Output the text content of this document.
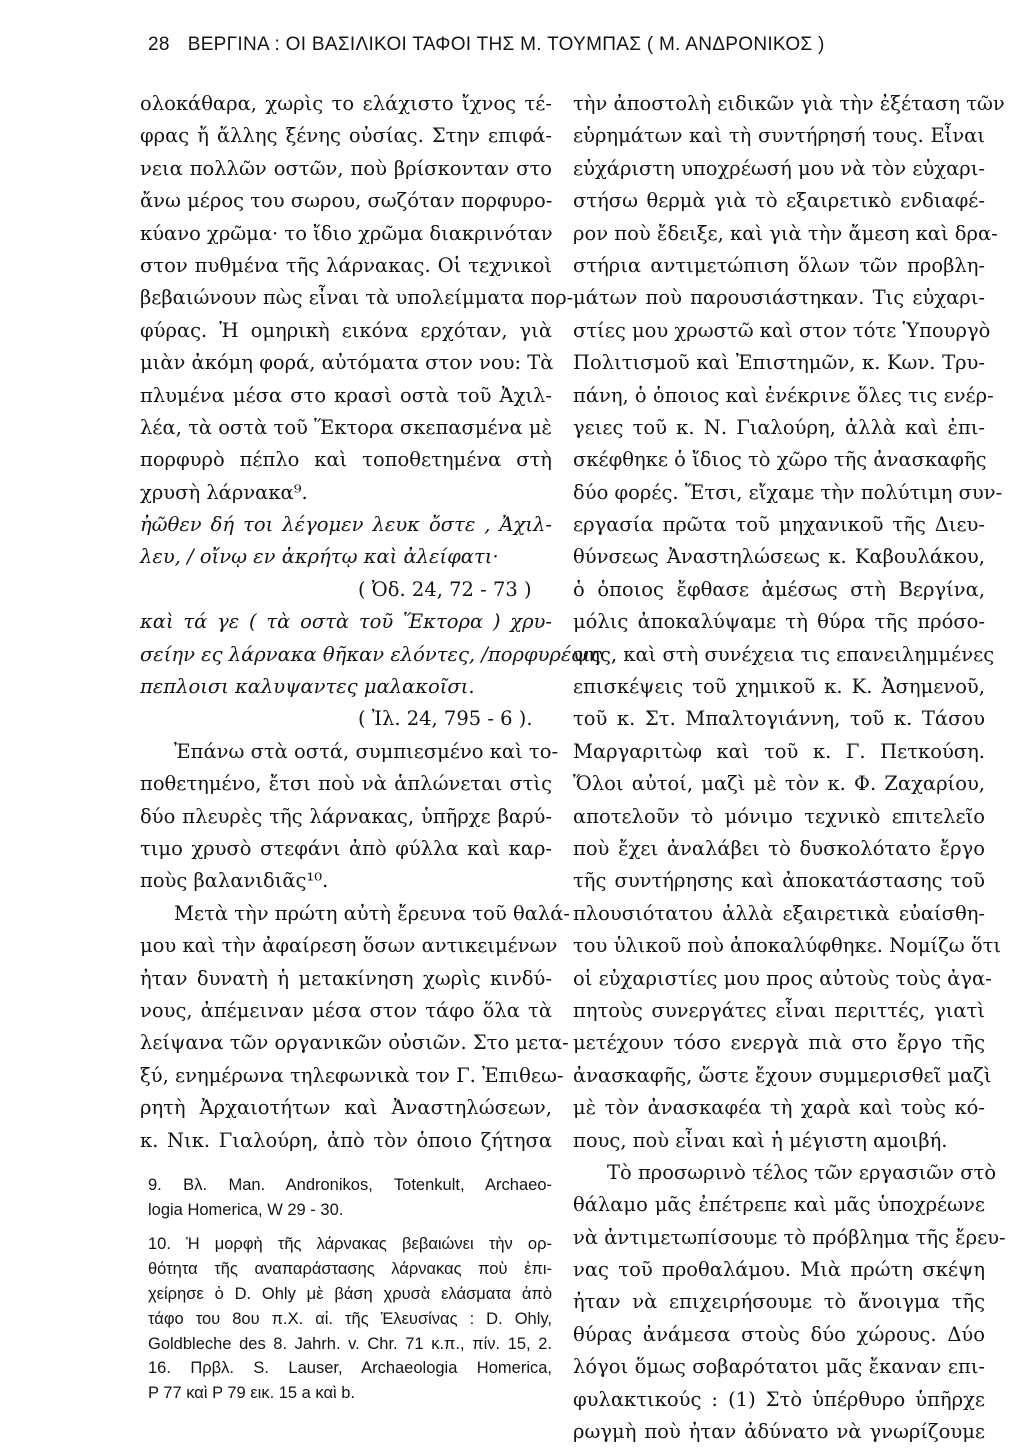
28 ΒΕΡΓΙΝΑ : ΟΙ ΒΑΣΙΛΙΚΟΙ ΤΑΦΟΙ ΤΗΣ Μ. ΤΟΥΜΠΑΣ ( Μ. ΑΝΔΡΟΝΙΚΟΣ )
ολοκάθαρα, χωρὶς το ελάχιστο ἴχνος τέ-
φρας ἤ ἄλλης ξένης οὐσίας. Στην επιφά-
νεια πολλῶν οστῶν, ποὺ βρίσκονταν στο
ἄνω μέρος του σωρου, σωζόταν πορφυρο-
κύανο χρῶμα· το ἴδιο χρῶμα διακρινόταν
στον πυθμένα τῆς λάρνακας. Οἱ τεχνικοὶ
βεβαιώνουν πὼς εἶναι τὰ υπολείμματα πορ-
φύρας. Ἡ ομηρικὴ εικόνα ερχόταν, γιὰ
μιὰν ἀκόμη φορά, αὐτόματα στον νου: Τὰ
πλυμένα μέσα στο κρασὶ οστὰ τοῦ Ἀχιλ-
λέα, τὰ οστὰ τοῦ Ἕκτορα σκεπασμένα μὲ
πορφυρὸ πέπλο καὶ τοποθετημένα στὴ
χρυσὴ λάρνακα⁹.
ἠῶθεν δή τοι λέγομεν λευκ ὄστε , Ἀχιλ-
λευ, / οἴνῳ εν ἀκρήτῳ καὶ ἀλείφατι·
( Ὀδ. 24, 72 - 73 )
καὶ τά γε ( τὰ οστὰ τοῦ Ἕκτορα ) χρυ-
σείην ες λάρνακα θῆκαν ελόντες, /πορφυρέοις
πεπλοισι καλυψαντες μαλακοῖσι.
( Ἰλ. 24, 795 - 6 ).
Ἐπάνω στὰ οστά, συμπιεσμένο καὶ το-
ποθετημένο, ἔτσι ποὺ νὰ ἁπλώνεται στὶς
δύο πλευρὲς τῆς λάρνακας, ὑπῆρχε βαρύ-
τιμο χρυσὸ στεφάνι ἀπὸ φύλλα καὶ καρ-
ποὺς βαλανιδιᾶς¹⁰.
Μετὰ τὴν πρώτη αὐτὴ ἔρευνα τοῦ θαλά-
μου καὶ τὴν ἀφαίρεση ὅσων αντικειμένων
ἠταν δυνατὴ ἡ μετακίνηση χωρὶς κινδύ-
νους, ἀπέμειναν μέσα στον τάφο ὅλα τὰ
λείψανα τῶν οργανικῶν οὐσιῶν. Στο μετα-
ξύ, ενημέρωνα τηλεφωνικὰ τον Γ. Ἐπιθεω-
ρητὴ Ἀρχαιοτήτων καὶ Ἀναστηλώσεων,
κ. Νικ. Γιαλούρη, ἀπὸ τὸν ὁποιο ζήτησα
9. Βλ. Man. Andronikos, Totenkult, Archaeo-
logia Homerica, W 29 - 30.
10. Ἡ μορφὴ τῆς λάρνακας βεβαιώνει τὴν ορ-
θότητα τῆς αναπαράστασης λάρνακας ποὺ ἐπι-
χείρησε ὁ D. Ohly μὲ βάση χρυσὰ ελάσματα ἀπὸ
τάφο του 8ου π.Χ. αἰ. τῆς Ἐλευσίνας : D. Ohly,
Goldbleche des 8. Jahrh. v. Chr. 71 κ.π., πίν. 15, 2.
16. Πρβλ. S. Lauser, Archaeologia Homerica,
P 77 καὶ P 79 εικ. 15 a καὶ b.
τὴν ἀποστολὴ ειδικῶν γιὰ τὴν ἐξέταση τῶν
εὑρημάτων καὶ τὴ συντήρησή τους. Εἶναι
εὐχάριστη υποχρέωσή μου νὰ τὸν εὐχαρι-
στήσω θερμὰ γιὰ τὸ εξαιρετικὸ ενδιαφέ-
ρον ποὺ ἔδειξε, καὶ γιὰ τὴν ἄμεση καὶ δρα-
στήρια αντιμετώπιση ὅλων τῶν προβλη-
μάτων ποὺ παρουσιάστηκαν. Τις εὐχαρι-
στίες μου χρωστῶ καὶ στον τότε Ὑπουργὸ
Πολιτισμοῦ καὶ Ἐπιστημῶν, κ. Κων. Τρυ-
πάνη, ὁ ὁποιος καὶ ἐνέκρινε ὅλες τις ενέρ-
γειες τοῦ κ. Ν. Γιαλούρη, ἀλλὰ καὶ ἐπι-
σκέφθηκε ὁ ἴδιος τὸ χῶρο τῆς ἀνασκαφῆς
δύο φορές. Ἔτσι, εἴχαμε τὴν πολύτιμη συν-
εργασία πρῶτα τοῦ μηχανικοῦ τῆς Διευ-
θύνσεως Ἀναστηλώσεως κ. Καβουλάκου,
ὁ ὁποιος ἔφθασε ἀμέσως στὴ Βεργίνα,
μόλις ἀποκαλύψαμε τὴ θύρα τῆς πρόσο-
ψης, καὶ στὴ συνέχεια τις επανειλημμένες
επισκέψεις τοῦ χημικοῦ κ. Κ. Ἀσημενοῦ,
τοῦ κ. Στ. Μπαλτογιάννη, τοῦ κ. Τάσου
Μαργαριτὼφ καὶ τοῦ κ. Γ. Πετκούση.
Ὅλοι αὐτοί, μαζὶ μὲ τὸν κ. Φ. Ζαχαρίου,
αποτελοῦν τὸ μόνιμο τεχνικὸ επιτελεῖο
ποὺ ἔχει ἀναλάβει τὸ δυσκολότατο ἔργο
τῆς συντήρησης καὶ ἀποκατάστασης τοῦ
πλουσιότατου ἀλλὰ εξαιρετικὰ εὐαίσθη-
του ὑλικοῦ ποὺ ἀποκαλύφθηκε. Νομίζω ὅτι
οἱ εὐχαριστίες μου προς αὐτοὺς τοὺς ἀγα-
πητοὺς συνεργάτες εἶναι περιττές, γιατὶ
μετέχουν τόσο ενεργὰ πιὰ στο ἔργο τῆς
ἀνασκαφῆς, ὥστε ἔχουν συμμερισθεῖ μαζὶ
μὲ τὸν ἀνασκαφέα τὴ χαρὰ καὶ τοὺς κό-
πους, ποὺ εἶναι καὶ ἡ μέγιστη αμοιβή.
Τὸ προσωρινὸ τέλος τῶν εργασιῶν στὸ
θάλαμο μᾶς ἐπέτρεπε καὶ μᾶς ὑποχρέωνε
νὰ ἀντιμετωπίσουμε τὸ πρόβλημα τῆς ἔρευ-
νας τοῦ προθαλάμου. Μιὰ πρώτη σκέψη
ἠταν νὰ επιχειρήσουμε τὸ ἄνοιγμα τῆς
θύρας ἀνάμεσα στοὺς δύο χώρους. Δύο
λόγοι ὅμως σοβαρότατοι μᾶς ἔκαναν επι-
φυλακτικούς : (1) Στὸ ὑπέρθυρο ὑπῆρχε
ρωγμὴ ποὺ ἠταν ἀδύνατο νὰ γνωρίζουμε
